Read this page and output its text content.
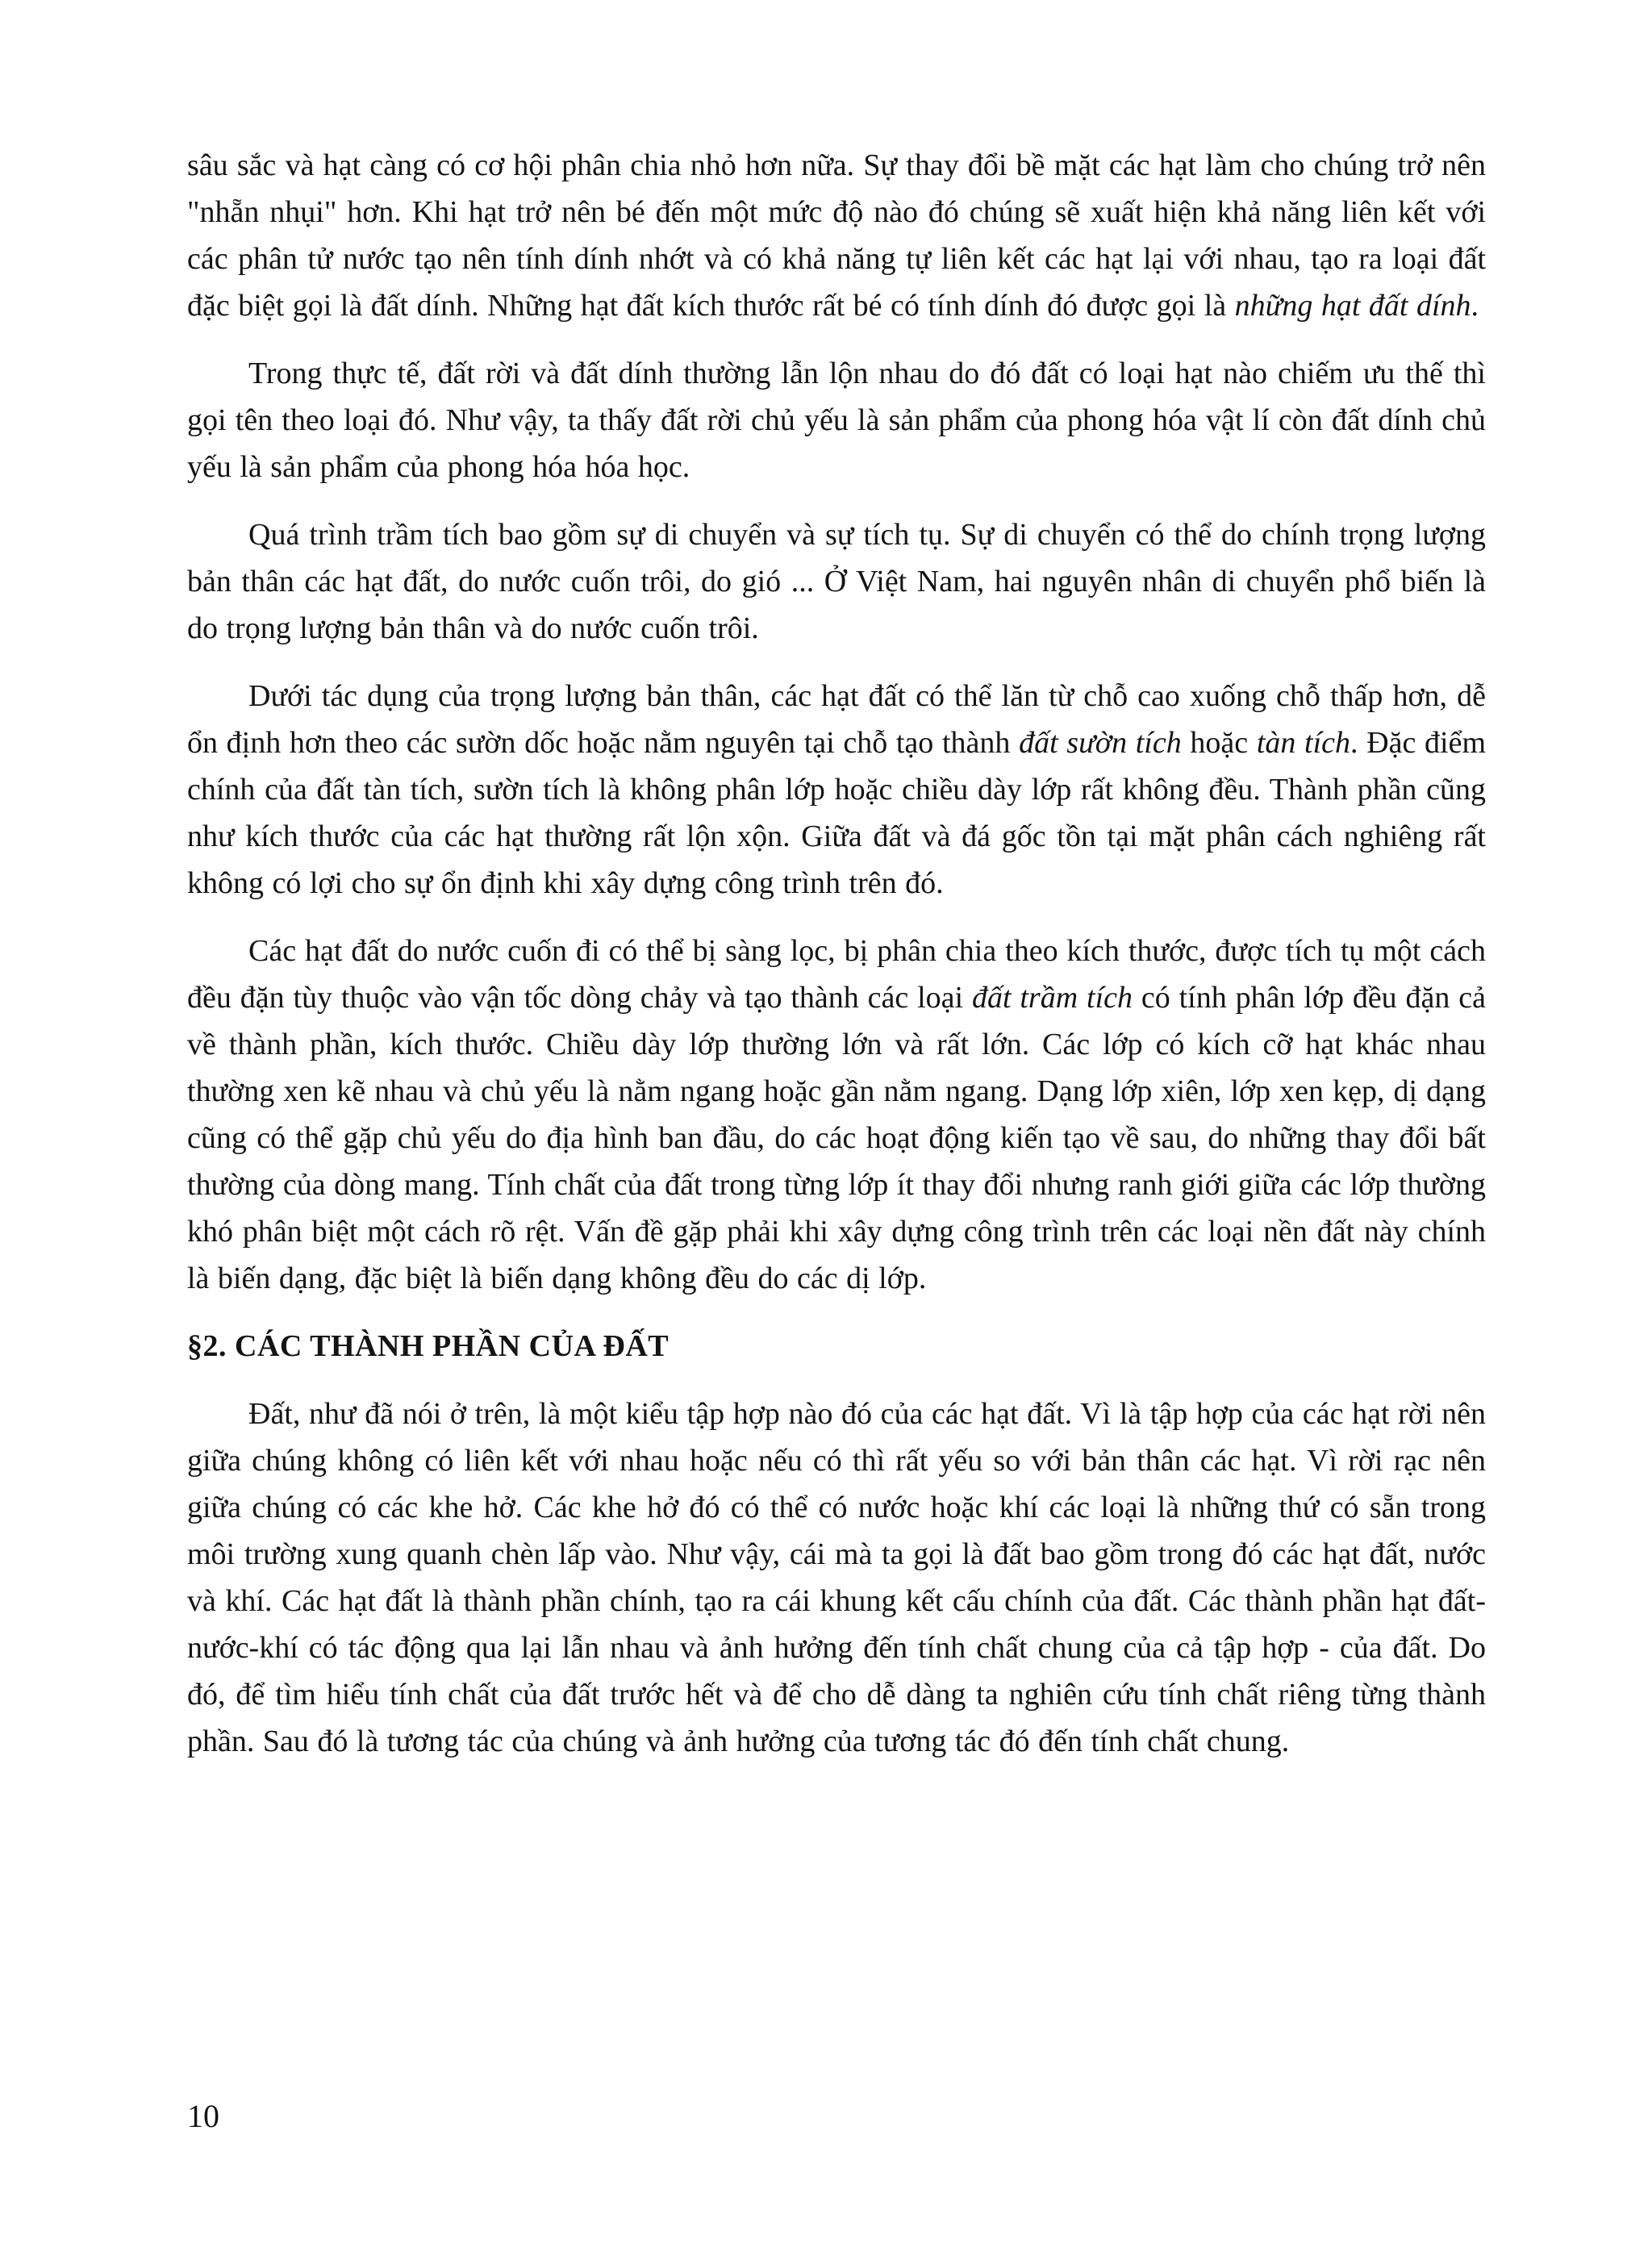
sâu sắc và hạt càng có cơ hội phân chia nhỏ hơn nữa. Sự thay đổi bề mặt các hạt làm cho chúng trở nên "nhẵn nhụi" hơn. Khi hạt trở nên bé đến một mức độ nào đó chúng sẽ xuất hiện khả năng liên kết với các phân tử nước tạo nên tính dính nhớt và có khả năng tự liên kết các hạt lại với nhau, tạo ra loại đất đặc biệt gọi là đất dính. Những hạt đất kích thước rất bé có tính dính đó được gọi là những hạt đất dính.

Trong thực tế, đất rời và đất dính thường lẫn lộn nhau do đó đất có loại hạt nào chiếm ưu thế thì gọi tên theo loại đó. Như vậy, ta thấy đất rời chủ yếu là sản phẩm của phong hóa vật lí còn đất dính chủ yếu là sản phẩm của phong hóa hóa học.

Quá trình trầm tích bao gồm sự di chuyển và sự tích tụ. Sự di chuyển có thể do chính trọng lượng bản thân các hạt đất, do nước cuốn trôi, do gió ... Ở Việt Nam, hai nguyên nhân di chuyển phổ biến là do trọng lượng bản thân và do nước cuốn trôi.

Dưới tác dụng của trọng lượng bản thân, các hạt đất có thể lăn từ chỗ cao xuống chỗ thấp hơn, dễ ổn định hơn theo các sườn dốc hoặc nằm nguyên tại chỗ tạo thành đất sườn tích hoặc tàn tích. Đặc điểm chính của đất tàn tích, sườn tích là không phân lớp hoặc chiều dày lớp rất không đều. Thành phần cũng như kích thước của các hạt thường rất lộn xộn. Giữa đất và đá gốc tồn tại mặt phân cách nghiêng rất không có lợi cho sự ổn định khi xây dựng công trình trên đó.

Các hạt đất do nước cuốn đi có thể bị sàng lọc, bị phân chia theo kích thước, được tích tụ một cách đều đặn tùy thuộc vào vận tốc dòng chảy và tạo thành các loại đất trầm tích có tính phân lớp đều đặn cả về thành phần, kích thước. Chiều dày lớp thường lớn và rất lớn. Các lớp có kích cỡ hạt khác nhau thường xen kẽ nhau và chủ yếu là nằm ngang hoặc gần nằm ngang. Dạng lớp xiên, lớp xen kẹp, dị dạng cũng có thể gặp chủ yếu do địa hình ban đầu, do các hoạt động kiến tạo về sau, do những thay đổi bất thường của dòng mang. Tính chất của đất trong từng lớp ít thay đổi nhưng ranh giới giữa các lớp thường khó phân biệt một cách rõ rệt. Vấn đề gặp phải khi xây dựng công trình trên các loại nền đất này chính là biến dạng, đặc biệt là biến dạng không đều do các dị lớp.

§2. CÁC THÀNH PHẦN CỦA ĐẤT

Đất, như đã nói ở trên, là một kiểu tập hợp nào đó của các hạt đất. Vì là tập hợp của các hạt rời nên giữa chúng không có liên kết với nhau hoặc nếu có thì rất yếu so với bản thân các hạt. Vì rời rạc nên giữa chúng có các khe hở. Các khe hở đó có thể có nước hoặc khí các loại là những thứ có sẵn trong môi trường xung quanh chèn lấp vào. Như vậy, cái mà ta gọi là đất bao gồm trong đó các hạt đất, nước và khí. Các hạt đất là thành phần chính, tạo ra cái khung kết cấu chính của đất. Các thành phần hạt đất-nước-khí có tác động qua lại lẫn nhau và ảnh hưởng đến tính chất chung của cả tập hợp - của đất. Do đó, để tìm hiểu tính chất của đất trước hết và để cho dễ dàng ta nghiên cứu tính chất riêng từng thành phần. Sau đó là tương tác của chúng và ảnh hưởng của tương tác đó đến tính chất chung.

10
